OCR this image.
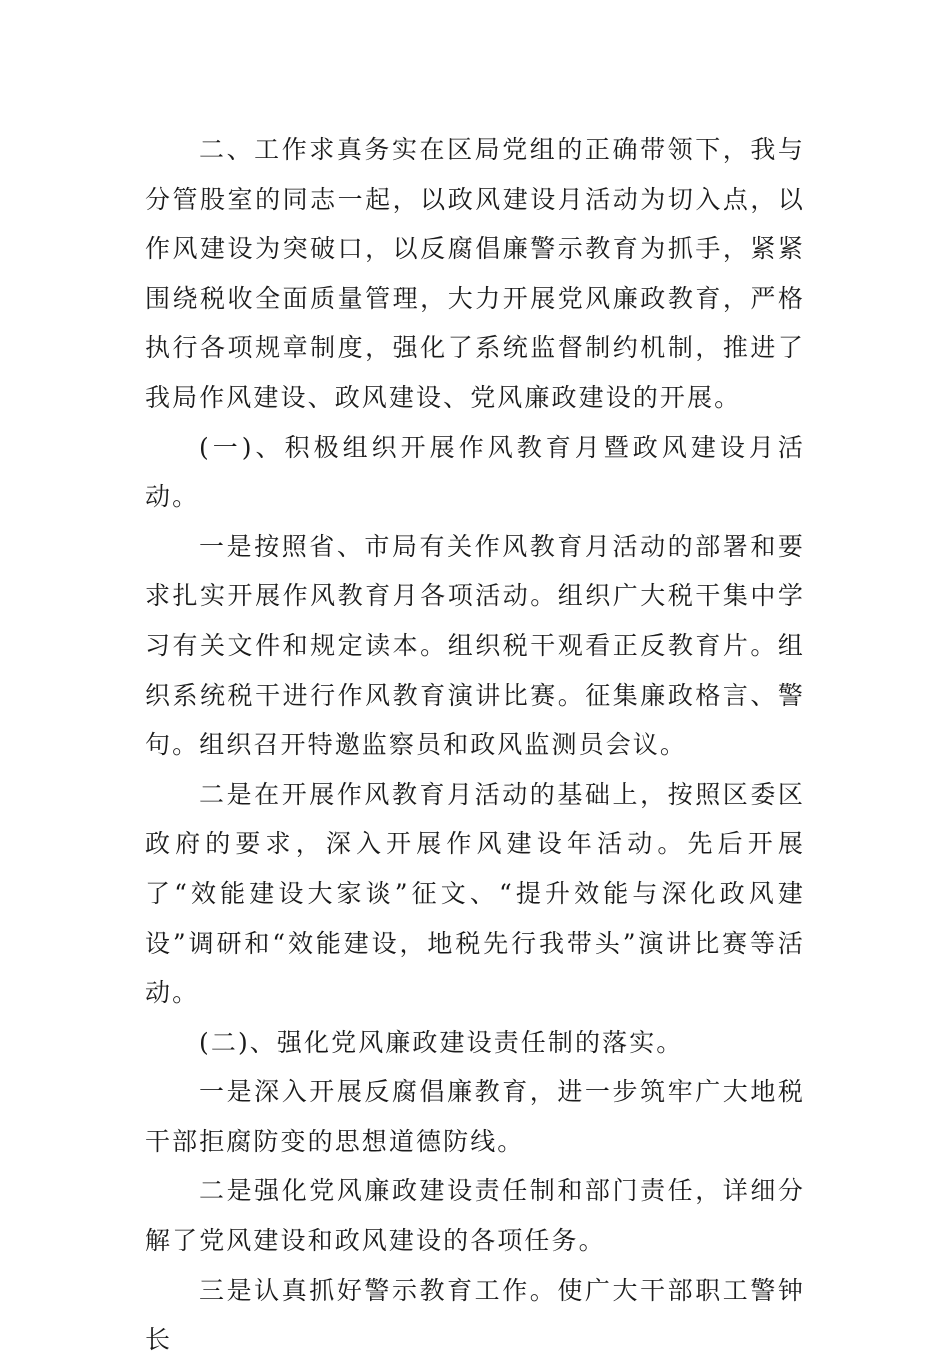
二、工作求真务实在区局党组的正确带领下，我与分管股室的同志一起，以政风建设月活动为切入点，以作风建设为突破口，以反腐倡廉警示教育为抓手，紧紧围绕税收全面质量管理，大力开展党风廉政教育，严格执行各项规章制度，强化了系统监督制约机制，推进了我局作风建设、政风建设、党风廉政建设的开展。

(一)、积极组织开展作风教育月暨政风建设月活动。

一是按照省、市局有关作风教育月活动的部署和要求扎实开展作风教育月各项活动。组织广大税干集中学习有关文件和规定读本。组织税干观看正反教育片。组织系统税干进行作风教育演讲比赛。征集廉政格言、警句。组织召开特邀监察员和政风监测员会议。

二是在开展作风教育月活动的基础上，按照区委区政府的要求，深入开展作风建设年活动。先后开展了“效能建设大家谈”征文、“提升效能与深化政风建设”调研和“效能建设，地税先行我带头”演讲比赛等活动。

(二)、强化党风廉政建设责任制的落实。

一是深入开展反腐倡廉教育，进一步筑牢广大地税干部拒腐防变的思想道德防线。

二是强化党风廉政建设责任制和部门责任，详细分解了党风建设和政风建设的各项任务。

三是认真抓好警示教育工作。使广大干部职工警钟长
